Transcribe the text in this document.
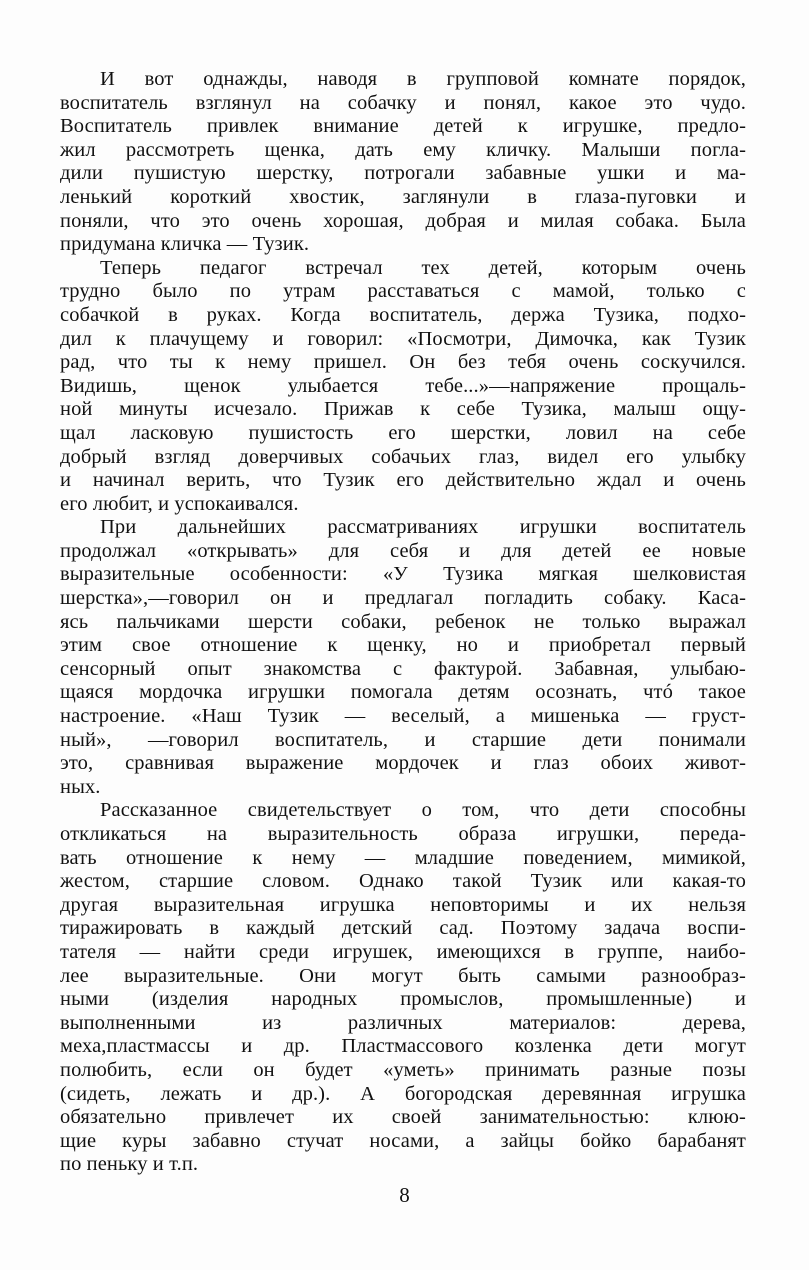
И вот однажды, наводя в групповой комнате порядок,
воспитатель взглянул на собачку и понял, какое это чудо.
Воспитатель привлек внимание детей к игрушке, предло-
жил рассмотреть щенка, дать ему кличку. Малыши погла-
дили пушистую шерстку, потрогали забавные ушки и ма-
ленький короткий хвостик, заглянули в глаза-пуговки и
поняли, что это очень хорошая, добрая и милая собака. Была
придумана кличка — Тузик.
Теперь педагог встречал тех детей, которым очень
трудно было по утрам расставаться с мамой, только с
собачкой в руках. Когда воспитатель, держа Тузика, подхо-
дил к плачущему и говорил: «Посмотри, Димочка, как Тузик
рад, что ты к нему пришел. Он без тебя очень соскучился.
Видишь, щенок улыбается тебе...»—напряжение прощаль-
ной минуты исчезало. Прижав к себе Тузика, малыш ощу-
щал ласковую пушистость его шерстки, ловил на себе
добрый взгляд доверчивых собачьих глаз, видел его улыбку
и начинал верить, что Тузик его действительно ждал и очень
его любит, и успокаивался.
При дальнейших рассматриваниях игрушки воспитатель
продолжал «открывать» для себя и для детей ее новые
выразительные особенности: «У Тузика мягкая шелковистая
шерстка»,—говорил он и предлагал погладить собаку. Каса-
ясь пальчиками шерсти собаки, ребенок не только выражал
этим свое отношение к щенку, но и приобретал первый
сенсорный опыт знакомства с фактурой. Забавная, улыбаю-
щаяся мордочка игрушки помогала детям осознать, чтó такое
настроение. «Наш Тузик — веселый, а мишенька — груст-
ный», —говорил воспитатель, и старшие дети понимали
это, сравнивая выражение мордочек и глаз обоих живот-
ных.
Рассказанное свидетельствует о том, что дети способны
откликаться на выразительность образа игрушки, переда-
вать отношение к нему — младшие поведением, мимикой,
жестом, старшие словом. Однако такой Тузик или какая-то
другая выразительная игрушка неповторимы и их нельзя
тиражировать в каждый детский сад. Поэтому задача воспи-
тателя — найти среди игрушек, имеющихся в группе, наибо-
лее выразительные. Они могут быть самыми разнообраз-
ными (изделия народных промыслов, промышленные) и
выполненными из различных материалов: дерева,
меха,пластмассы и др. Пластмассового козленка дети могут
полюбить, если он будет «уметь» принимать разные позы
(сидеть, лежать и др.). А богородская деревянная игрушка
обязательно привлечет их своей занимательностью: клюю-
щие куры забавно стучат носами, а зайцы бойко барабанят
по пеньку и т.п.
8
